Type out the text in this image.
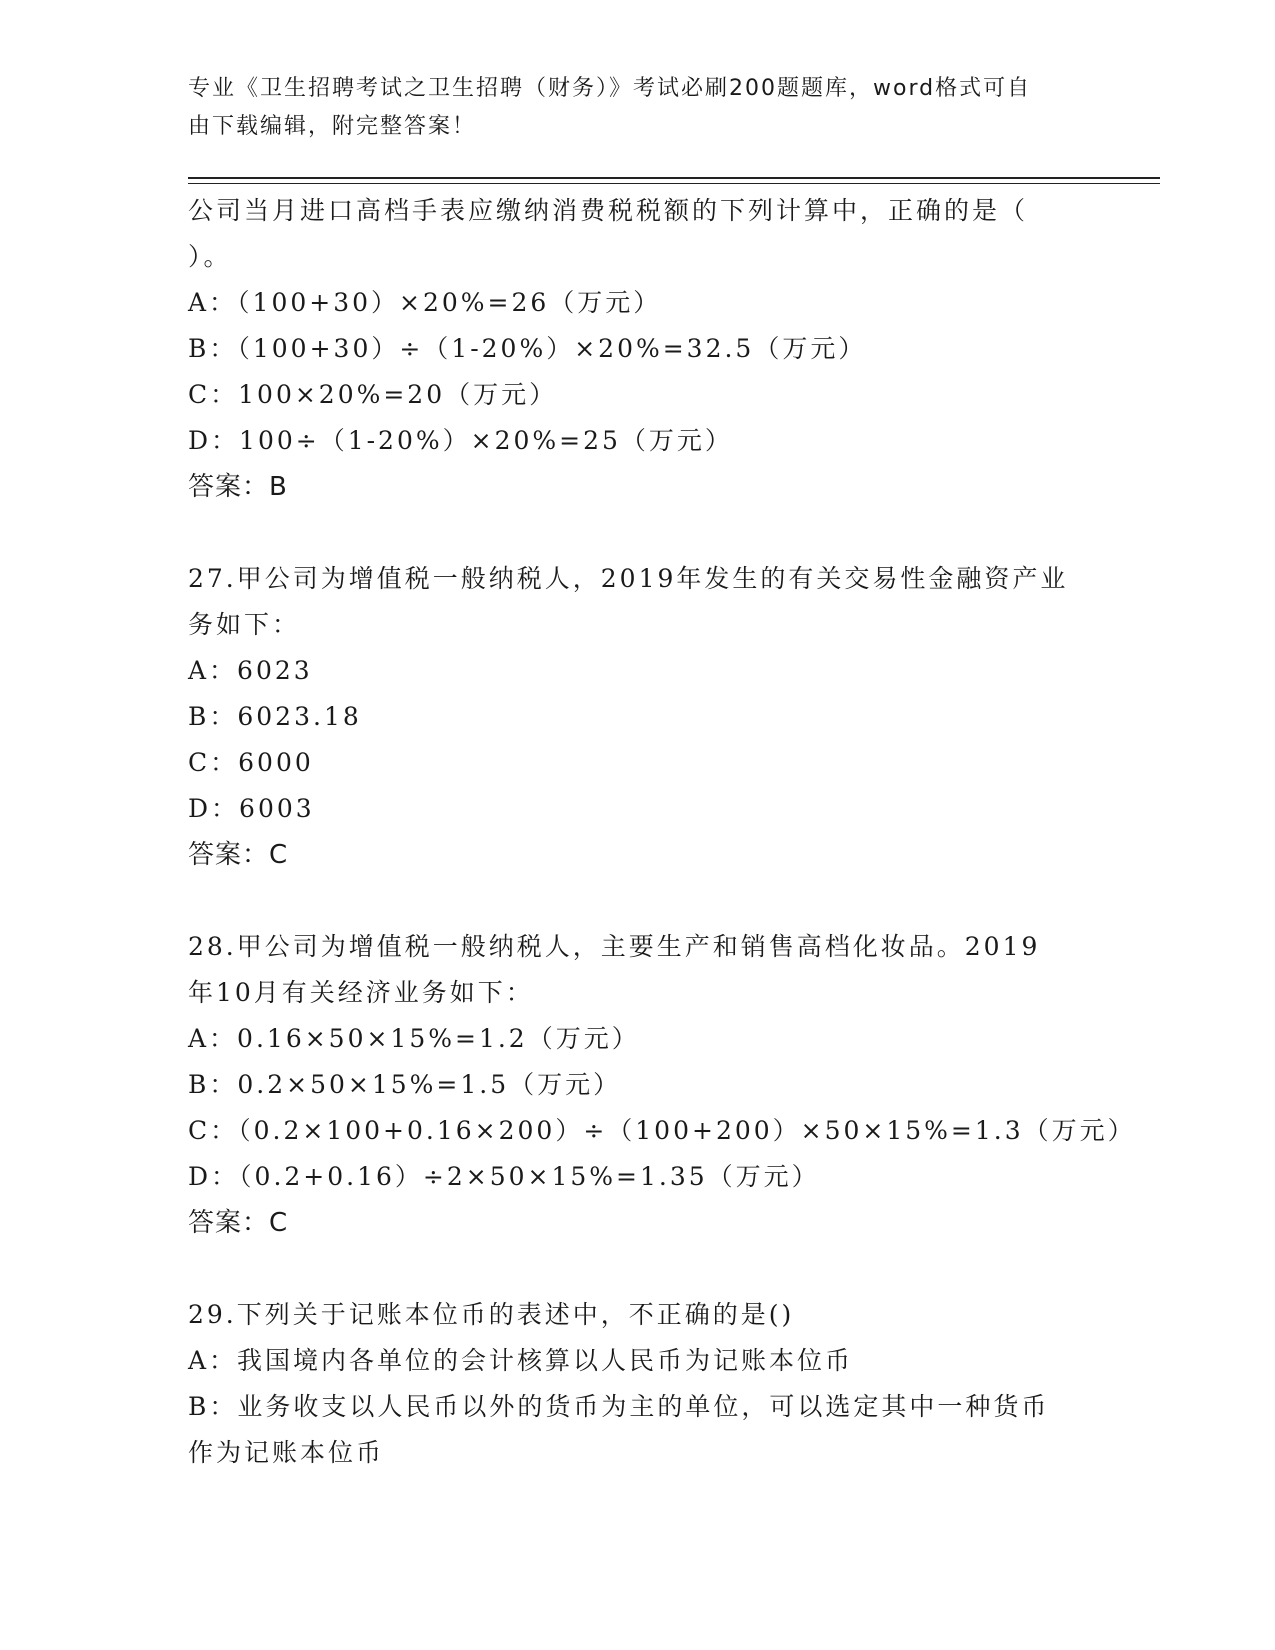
专业《卫生招聘考试之卫生招聘（财务）》考试必刷200题题库，word格式可自
由下载编辑，附完整答案！
公司当月进口高档手表应缴纳消费税税额的下列计算中，正确的是（
）。
A：（100+30）×20%=26（万元）
B：（100+30）÷（1-20%）×20%=32.5（万元）
C：100×20%=20（万元）
D：100÷（1-20%）×20%=25（万元）
答案：B
27.甲公司为增值税一般纳税人，2019年发生的有关交易性金融资产业
务如下：
A：6023
B：6023.18
C：6000
D：6003
答案：C
28.甲公司为增值税一般纳税人，主要生产和销售高档化妆品。2019
年10月有关经济业务如下：
A：0.16×50×15%=1.2（万元）
B：0.2×50×15%=1.5（万元）
C：（0.2×100+0.16×200）÷（100+200）×50×15%=1.3（万元）
D：（0.2+0.16）÷2×50×15%=1.35（万元）
答案：C
29.下列关于记账本位币的表述中，不正确的是()
A：我国境内各单位的会计核算以人民币为记账本位币
B：业务收支以人民币以外的货币为主的单位，可以选定其中一种货币
作为记账本位币
